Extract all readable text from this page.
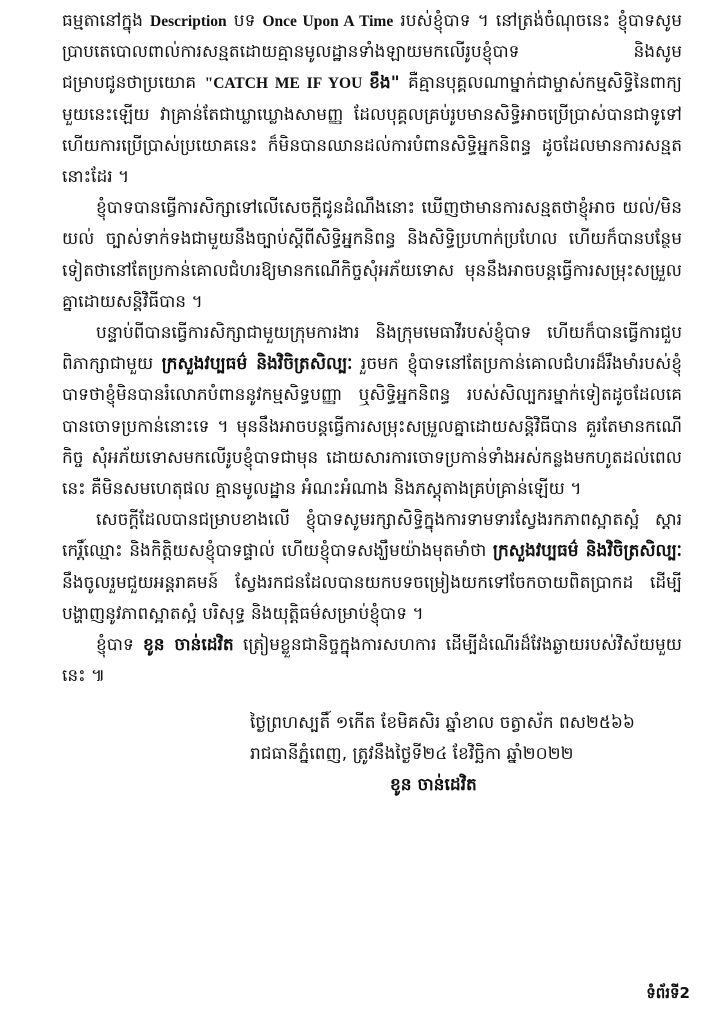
ធម្មតានៅក្នុង Description បទ Once Upon A Time របស់ខ្ញុំបាទ ។ នៅត្រង់ចំណុចនេះ ខ្ញុំបាទសូមប្រាបតេបោលពាល់ការសន្មតដោយគ្មានមូលដ្ឋានទាំងឡាយមកលើរូបខ្ញុំបាទ និងសូមជម្រាបជូនថាប្រយោគ "CATCH ME IF YOU ខឹង" គឺគ្មានបុគ្គលណាម្នាក់ជាម្ចាស់កម្មសិទ្ធិនៃពាក្យមួយនេះឡើយ វាគ្រាន់តែជាឃ្លាឃ្លោងសាមញ្ញ ដែលបុគ្គលគ្រប់រូបមានសិទ្ធិអាចប្រើប្រាស់បានជាទូទៅ ហើយការប្រើប្រាស់ប្រយោគនេះ ក៏មិនបានឈានដល់ការបំពានសិទ្ធិអ្នកនិពន្ធ ដូចដែលមានការសន្មតនោះដែរ ។

ខ្ញុំបាទបានធ្វើការសិក្សាទៅលើសេចក្ដីជូនដំណឹងនោះ ឃើញថាមានការសន្មតថាខ្ញុំអាច យល់/មិនយល់ ច្បាស់ទាក់ទងជាមួយនឹងច្បាប់ស្ដីពីសិទ្ធិអ្នកនិពន្ធ និងសិទ្ធិប្រហាក់ប្រហែល ហើយក៏បានបន្ថែមទៀតថានៅតែប្រកាន់គោលជំហរឱ្យមានកណើកិច្ចសុំអភ័យទោស មុននឹងអាចបន្តធ្វើការសម្រុះសម្រួលគ្នាដោយសន្តិវិធីបាន ។

បន្ទាប់ពីបានធ្វើការសិក្សាជាមួយក្រុមការងារ និងក្រុមមេធាវីរបស់ខ្ញុំបាទ ហើយក៏បានធ្វើការជួបពិភាក្សាជាមួយ ក្រសួងវប្បធម៌ និងវិចិត្រសិល្បៈ រួចមក ខ្ញុំបាទនៅតែប្រកាន់គោលជំហរដ៏រឹងមាំរបស់ខ្ញុំបាទថាខ្ញុំមិនបានរំលោភបំពាននូវកម្មសិទ្ធបញ្ញា ឬសិទ្ធិអ្នកនិពន្ធ របស់សិល្បករម្នាក់ទៀតដូចដែលគេបានចោទប្រកាន់នោះទេ ។ មុននឹងអាចបន្តធ្វើការសម្រុះសម្រួលគ្នាដោយសន្តិវិធីបាន គួរតែមានកណើកិច្ច សុំអភ័យទោសមកលើរូបខ្ញុំបាទជាមុន ដោយសារការចោទប្រកាន់ទាំងអស់កន្លងមកហូតដល់ពេលនេះ គឺមិនសមហេតុផល គ្មានមូលដ្ឋាន អំណះអំណាង និងភស្ដុតាងគ្រប់គ្រាន់ឡើយ ។

សេចក្ដីដែលបានជម្រាបខាងលើ ខ្ញុំបាទសូមរក្សាសិទ្ធិក្នុងការទាមទារស្វែងរកភាពស្អាតស្អំ ស្ដារកេរ្តិ៍ឈ្មោះ និងកិត្តិយសខ្ញុំបាទផ្ទាល់ ហើយខ្ញុំបាទសង្ឃឹមយ៉ាងមុតមាំថា ក្រសួងវប្បធម៌ និងវិចិត្រសិល្បៈ នឹងចូលរួមជួយអន្តរាគមន៍ ស្វែងរកជនដែលបានយកបទចម្រៀងយកទៅចែកចាយពិតប្រាកដ ដើម្បីបង្ហាញនូវភាពស្អាតស្អំ បរិសុទ្ធ និងយុត្តិធម៌សម្រាប់ខ្ញុំបាទ ។

ខ្ញុំបាទ ខូន ចាន់ដេវិត ត្រៀមខ្លួនជានិច្ចក្នុងការសហការ ដើម្បីដំណើរដ៏វែងឆ្ងាយរបស់វិស័យមួយនេះ ៕

ថ្ងៃព្រហស្បតិ៍ ១កើត ខែមិគសិរ ឆ្នាំខាល ចត្វាស័ក ពស២៥៦៦
រាជធានីភ្នំពេញ, ត្រូវនឹងថ្ងៃទី២៤ ខែវិច្ឆិកា ឆ្នាំ២០២២
ខូន ចាន់ដេវិត
ទំព័រទី2
